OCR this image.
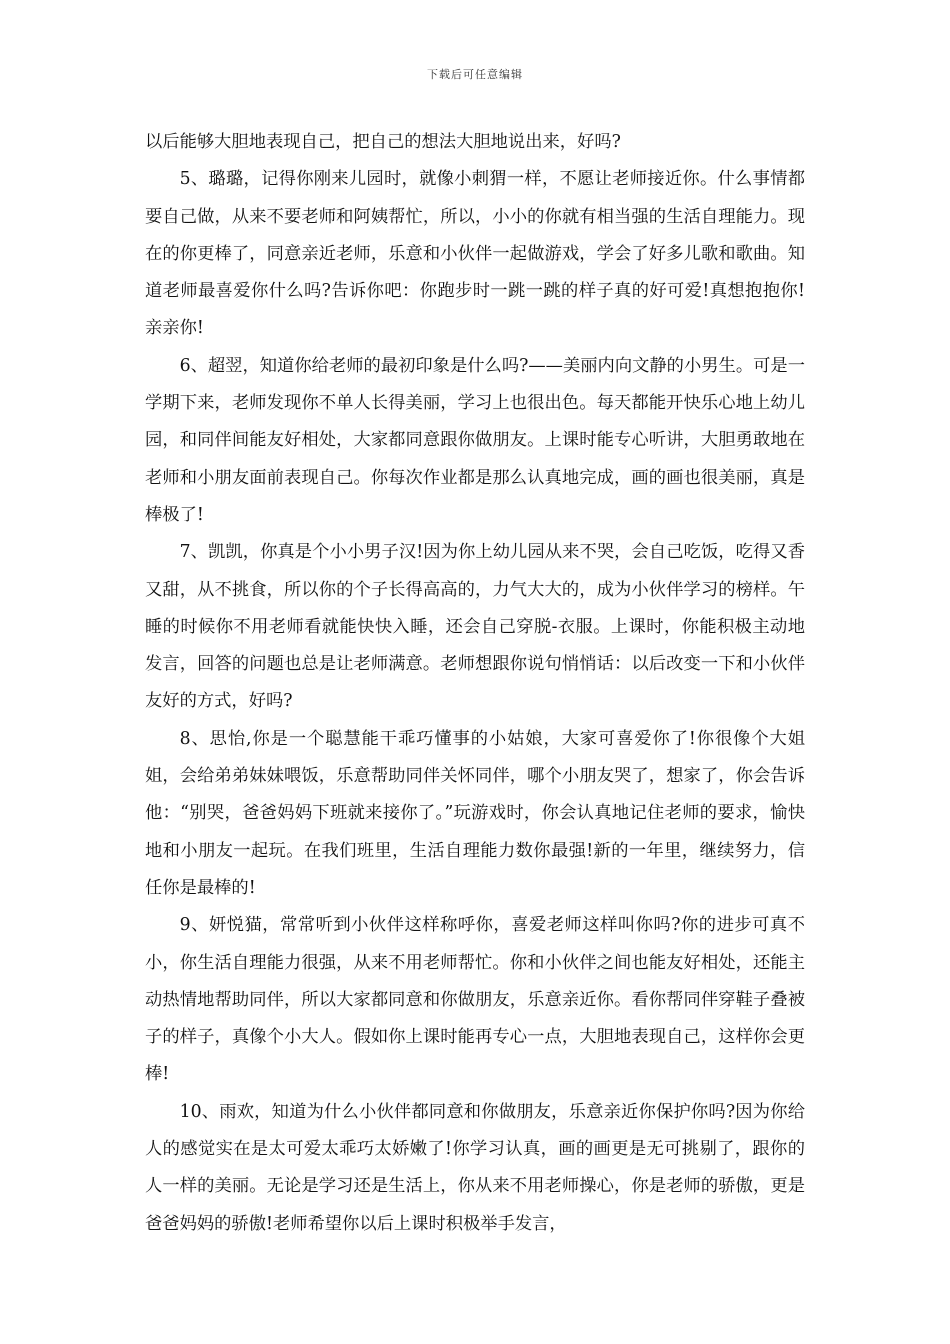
下载后可任意编辑

以后能够大胆地表现自己，把自己的想法大胆地说出来，好吗?

5、璐璐，记得你刚来儿园时，就像小刺猬一样，不愿让老师接近你。什么事情都要自己做，从来不要老师和阿姨帮忙，所以，小小的你就有相当强的生活自理能力。现在的你更棒了，同意亲近老师，乐意和小伙伴一起做游戏，学会了好多儿歌和歌曲。知道老师最喜爱你什么吗?告诉你吧：你跑步时一跳一跳的样子真的好可爱!真想抱抱你!亲亲你!

6、超翌，知道你给老师的最初印象是什么吗?——美丽内向文静的小男生。可是一学期下来，老师发现你不单人长得美丽，学习上也很出色。每天都能开快乐心地上幼儿园，和同伴间能友好相处，大家都同意跟你做朋友。上课时能专心听讲，大胆勇敢地在老师和小朋友面前表现自己。你每次作业都是那么认真地完成，画的画也很美丽，真是棒极了!

7、凯凯，你真是个小小男子汉!因为你上幼儿园从来不哭，会自己吃饭，吃得又香又甜，从不挑食，所以你的个子长得高高的，力气大大的，成为小伙伴学习的榜样。午睡的时候你不用老师看就能快快入睡，还会自己穿脱-衣服。上课时，你能积极主动地发言，回答的问题也总是让老师满意。老师想跟你说句悄悄话：以后改变一下和小伙伴友好的方式，好吗?

8、思怡,你是一个聪慧能干乖巧懂事的小姑娘，大家可喜爱你了!你很像个大姐姐，会给弟弟妹妹喂饭，乐意帮助同伴关怀同伴，哪个小朋友哭了，想家了，你会告诉他：“别哭，爸爸妈妈下班就来接你了。”玩游戏时，你会认真地记住老师的要求，愉快地和小朋友一起玩。在我们班里，生活自理能力数你最强!新的一年里，继续努力，信任你是最棒的!

9、妍悦猫，常常听到小伙伴这样称呼你，喜爱老师这样叫你吗?你的进步可真不小，你生活自理能力很强，从来不用老师帮忙。你和小伙伴之间也能友好相处，还能主动热情地帮助同伴，所以大家都同意和你做朋友，乐意亲近你。看你帮同伴穿鞋子叠被子的样子，真像个小大人。假如你上课时能再专心一点，大胆地表现自己，这样你会更棒!

10、雨欢，知道为什么小伙伴都同意和你做朋友，乐意亲近你保护你吗?因为你给人的感觉实在是太可爱太乖巧太娇嫩了!你学习认真，画的画更是无可挑剔了，跟你的人一样的美丽。无论是学习还是生活上，你从来不用老师操心，你是老师的骄傲，更是爸爸妈妈的骄傲!老师希望你以后上课时积极举手发言，
